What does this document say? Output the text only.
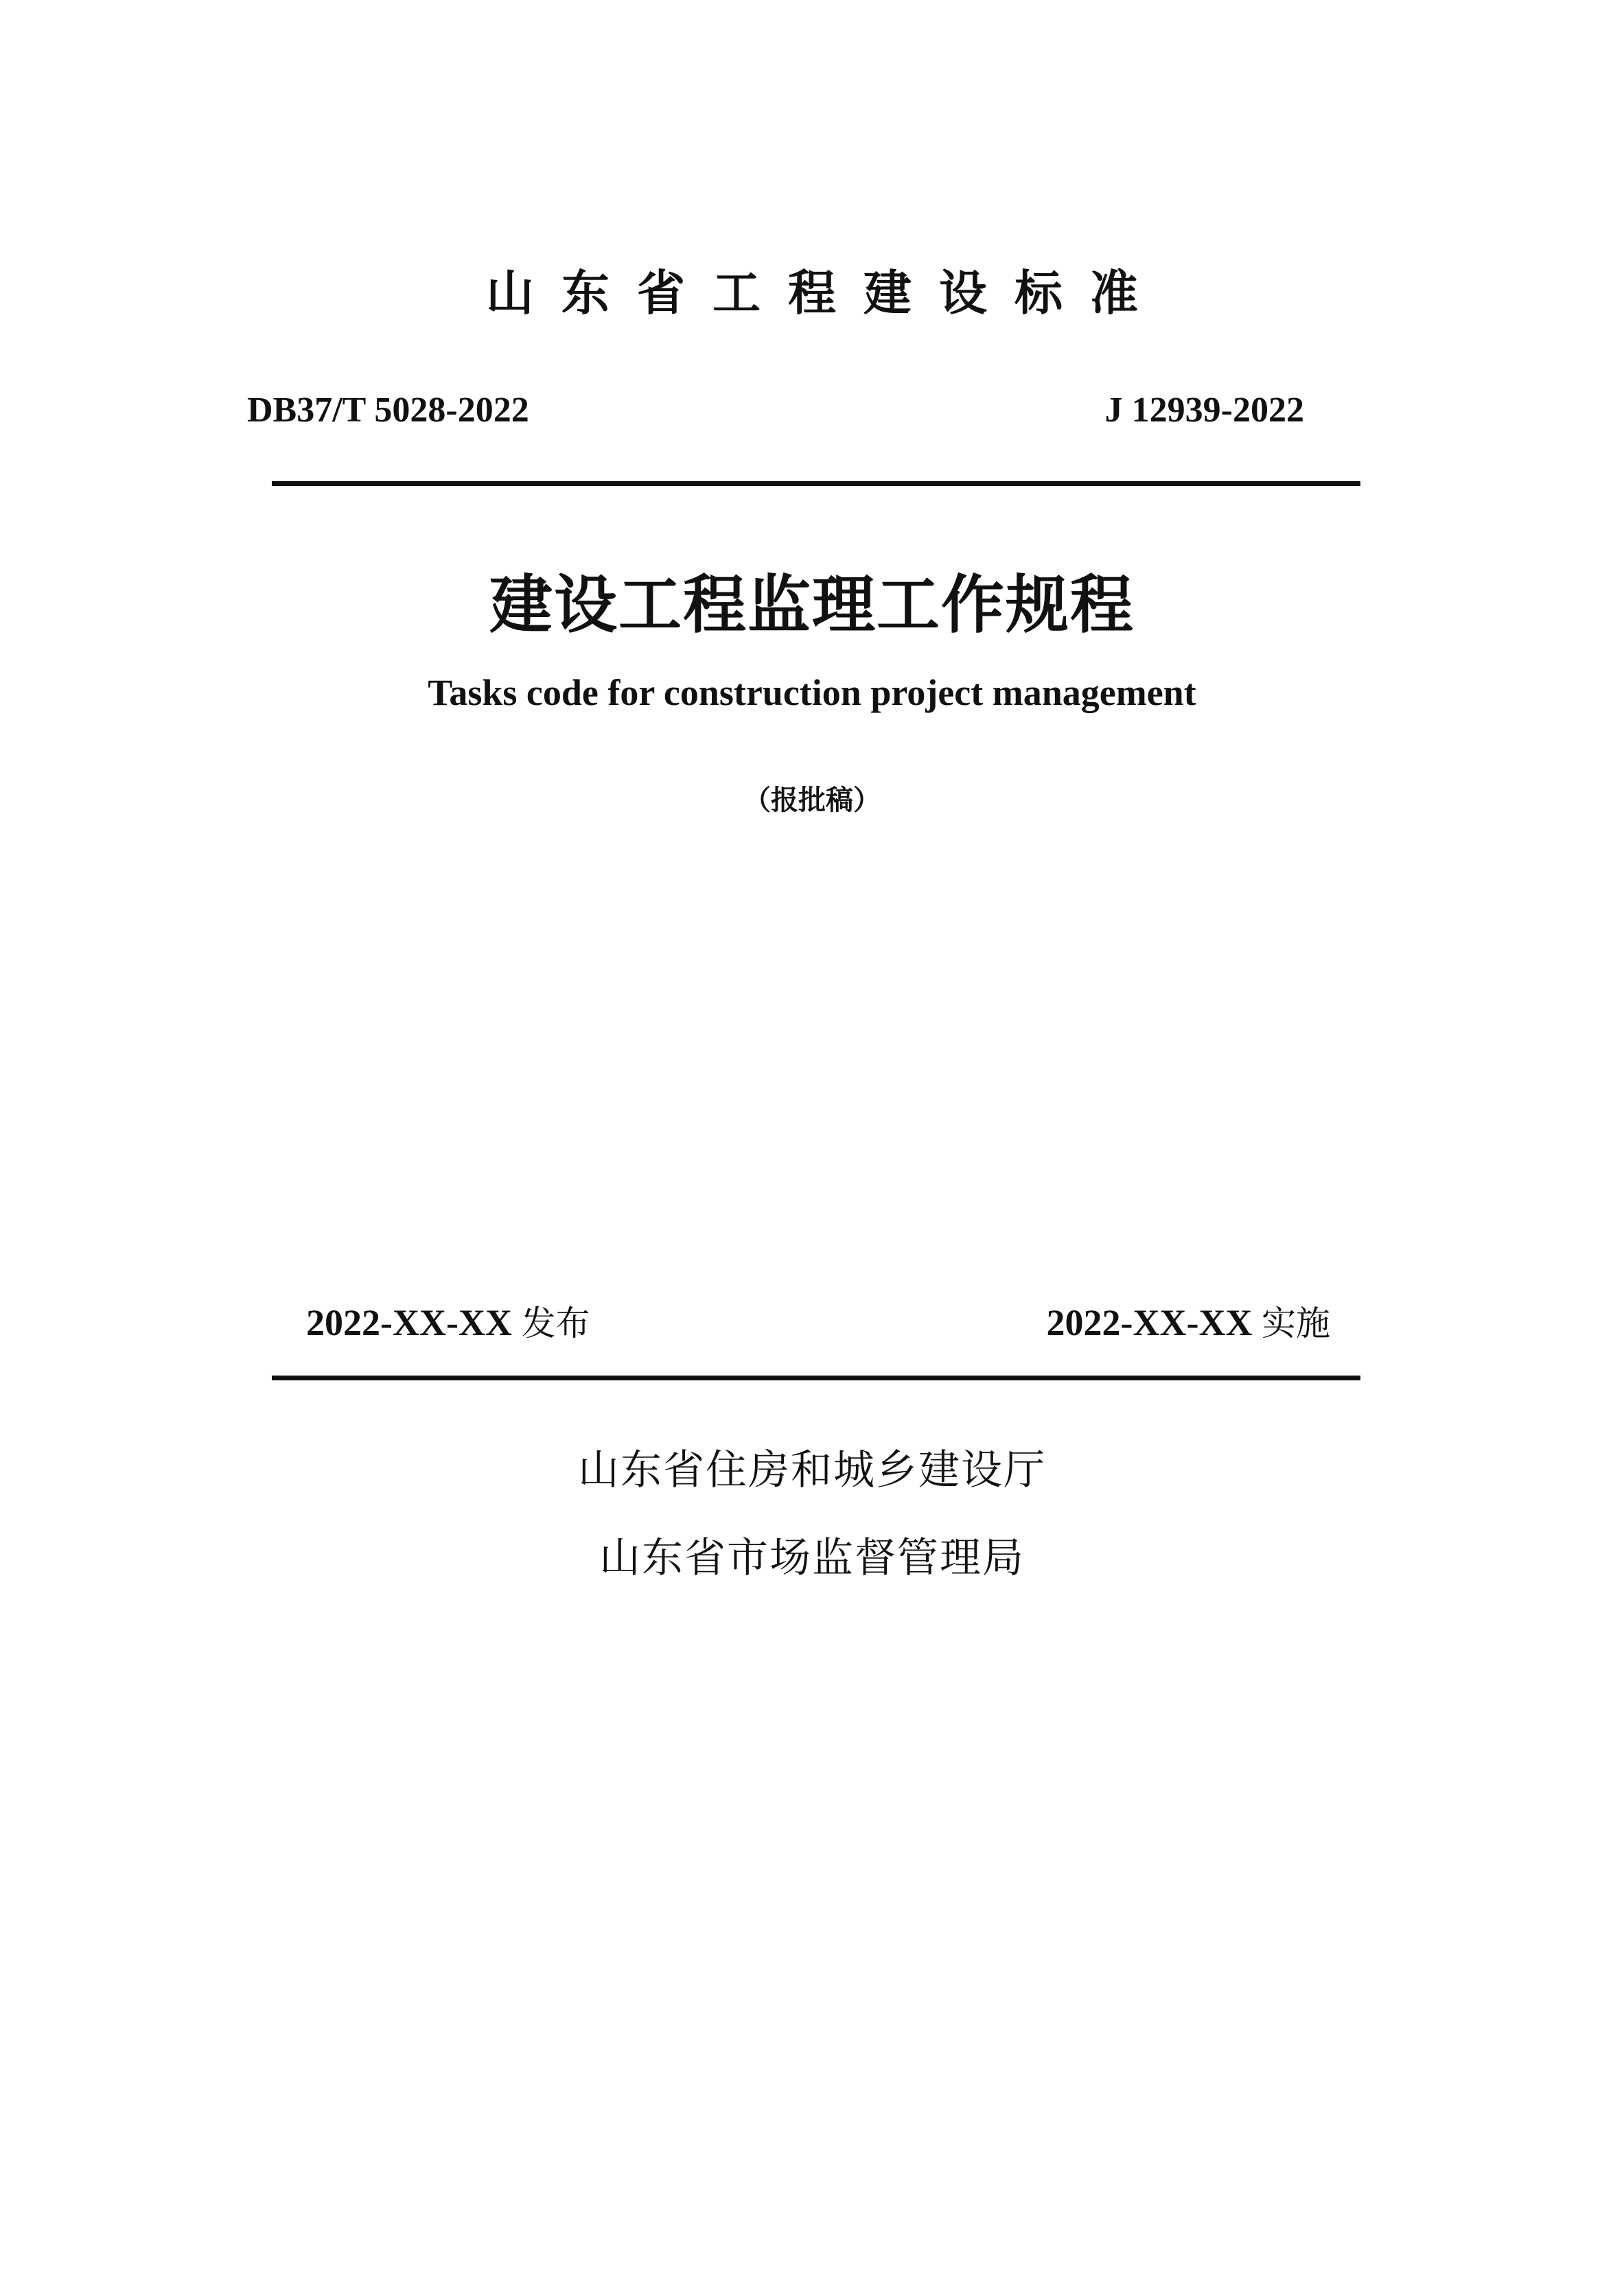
山东省工程建设标准
DB37/T 5028-2022	J 12939-2022
建设工程监理工作规程
Tasks code for construction project management
（报批稿）
2022-XX-XX 发布	2022-XX-XX 实施
山东省住房和城乡建设厅
山东省市场监督管理局
